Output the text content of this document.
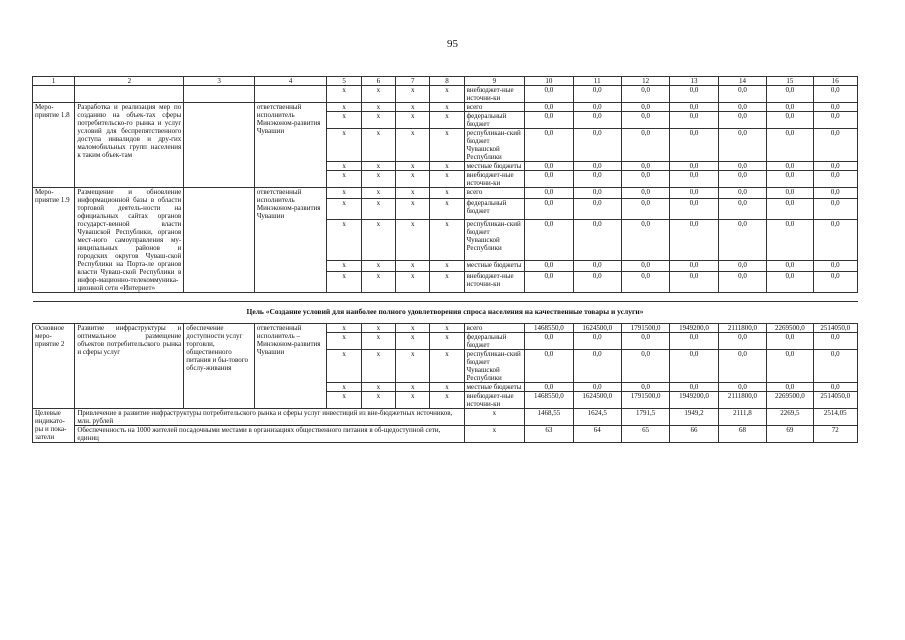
95
1	2	3	4	5	6	7	8	9	10	11	12	13	14	15	16
				x	x	x	x	внебюджет-ные источни-ки	0,0	0,0	0,0	0,0	0,0	0,0	0,0
Меро-приятие 1.8	Разработка и реализация мер по созданию на объек-тах сферы потребительско-го рынка и услуг условий для беспрепятственного доступа инвалидов и дру-гих маломобильных групп населения к таким объек-там		ответственный исполнитель Минэконом-развития Чувашии	x	x	x	x	всего	0,0	0,0	0,0	0,0	0,0	0,0	0,0
				x	x	x	x	федеральный бюджет	0,0	0,0	0,0	0,0	0,0	0,0	0,0
				x	x	x	x	республикан-ский бюджет Чувашской Республики	0,0	0,0	0,0	0,0	0,0	0,0	0,0
				x	x	x	x	местные бюджеты	0,0	0,0	0,0	0,0	0,0	0,0	0,0
				x	x	x	x	внебюджет-ные источни-ки	0,0	0,0	0,0	0,0	0,0	0,0	0,0
Меро-приятие 1.9	Размещение и обновление информационной базы в области торговой деятель-ности на официальных сайтах органов государст-венной власти Чувашской Республики, органов мест-ного самоуправления му-ниципальных районов и городских округов Чуваш-ской Республики на Порта-ле органов власти Чуваш-ской Республики в инфор-мационно-телекоммуника-ционной сети «Интернет»		ответственный исполнитель Минэконом-развития Чувашии	x	x	x	x	всего	0,0	0,0	0,0	0,0	0,0	0,0	0,0
				x	x	x	x	федеральный бюджет	0,0	0,0	0,0	0,0	0,0	0,0	0,0
				x	x	x	x	республикан-ский бюджет Чувашской Республики	0,0	0,0	0,0	0,0	0,0	0,0	0,0
				x	x	x	x	местные бюджеты	0,0	0,0	0,0	0,0	0,0	0,0	0,0
				x	x	x	x	внебюджет-ные источни-ки	0,0	0,0	0,0	0,0	0,0	0,0	0,0

Цель «Создание условий для наиболее полного удовлетворения спроса населения на качественные товары и услуги»															
Основное меро-приятие 2	Развитие инфраструктуры и оптимальное размещение объектов потребительского рынка и сферы услуг	обеспечение доступности услуг торговли, общественного питания и бы-тового обслу-живания	ответственный исполнитель – Минэконом-развития Чувашии	x	x	x	x	всего	1468550,0	1624500,0	1791500,0	1949200,0	2111800,0	2269500,0	2514050,0
				x	x	x	x	федеральный бюджет	0,0	0,0	0,0	0,0	0,0	0,0	0,0
				x	x	x	x	республикан-ский бюджет Чувашской Республики	0,0	0,0	0,0	0,0	0,0	0,0	0,0
				x	x	x	x	местные бюджеты	0,0	0,0	0,0	0,0	0,0	0,0	0,0
				x	x	x	x	внебюджет-ные источни-ки	1468550,0	1624500,0	1791500,0	1949200,0	2111800,0	2269500,0	2514050,0
Целевые индикато-ры и пока-затели	Привлечение в развитие инфраструктуры потребительского рынка и сферы услуг инвестиций из вне-бюджетных источников, млн. рублей							x	1468,55	1624,5	1791,5	1949,2	2111,8	2269,5	2514,05
	Обеспеченность на 1000 жителей посадочными местами в организациях общественного питания в об-щедоступной сети, единиц							x	63	64	65	66	68	69	72
